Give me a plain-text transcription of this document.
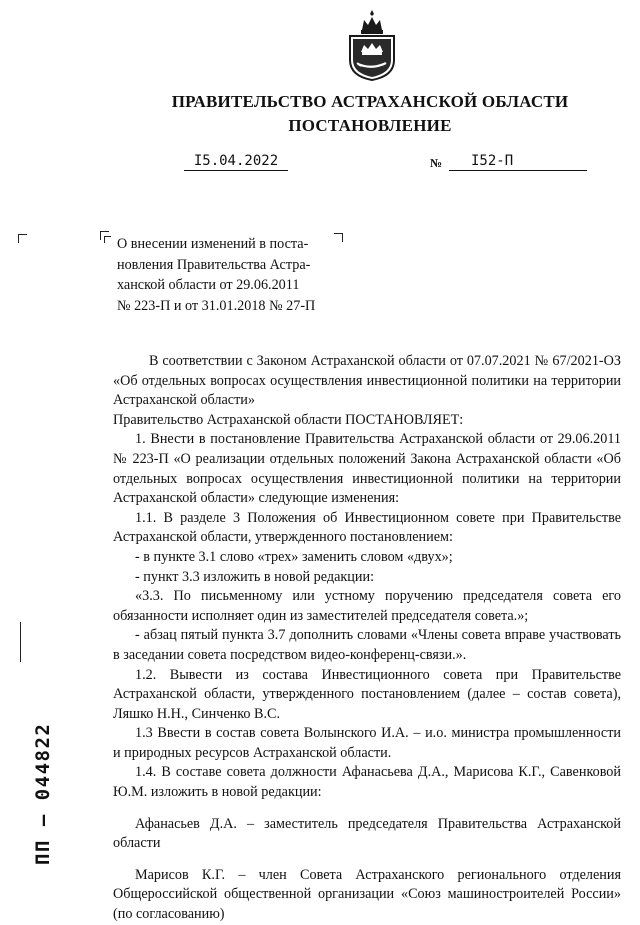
ПРАВИТЕЛЬСТВО АСТРАХАНСКОЙ ОБЛАСТИ
ПОСТАНОВЛЕНИЕ
I5.04.2022	№	I52-П

О внесении изменений в поста-

новления Правительства Астра-

ханской области от 29.06.2011

№ 223-П и от 31.01.2018 № 27-П

В соответствии с Законом Астраханской области от 07.07.2021 № 67/2021-ОЗ «Об отдельных вопросах осуществления инвестиционной политики на территории Астраханской области»

Правительство Астраханской области ПОСТАНОВЛЯЕТ:

1. Внести в постановление Правительства Астраханской области от 29.06.2011 № 223-П «О реализации отдельных положений Закона Астраханской области «Об отдельных вопросах осуществления инвестиционной политики на территории Астраханской области» следующие изменения:

1.1. В разделе 3 Положения об Инвестиционном совете при Правительстве Астраханской области, утвержденного постановлением:

- в пункте 3.1 слово «трех» заменить словом «двух»;

- пункт 3.3 изложить в новой редакции:

«3.3. По письменному или устному поручению председателя совета его обязанности исполняет один из заместителей председателя совета.»;

- абзац пятый пункта 3.7 дополнить словами «Члены совета вправе участвовать в заседании совета посредством видео-конференц-связи.».

1.2. Вывести из состава Инвестиционного совета при Правительстве Астраханской области, утвержденного постановлением (далее – состав совета), Ляшко Н.Н., Синченко В.С.

1.3 Ввести в состав совета Волынского И.А. – и.о. министра промышленности и природных ресурсов Астраханской области.

1.4. В составе совета должности Афанасьева Д.А., Марисова К.Г., Савенковой Ю.М. изложить в новой редакции:

Афанасьев Д.А. – заместитель председателя Правительства Астраханской области

Марисов К.Г. – член Совета Астраханского регионального отделения Общероссийской общественной организации «Союз машиностроителей России» (по согласованию)

ПП – 044822
